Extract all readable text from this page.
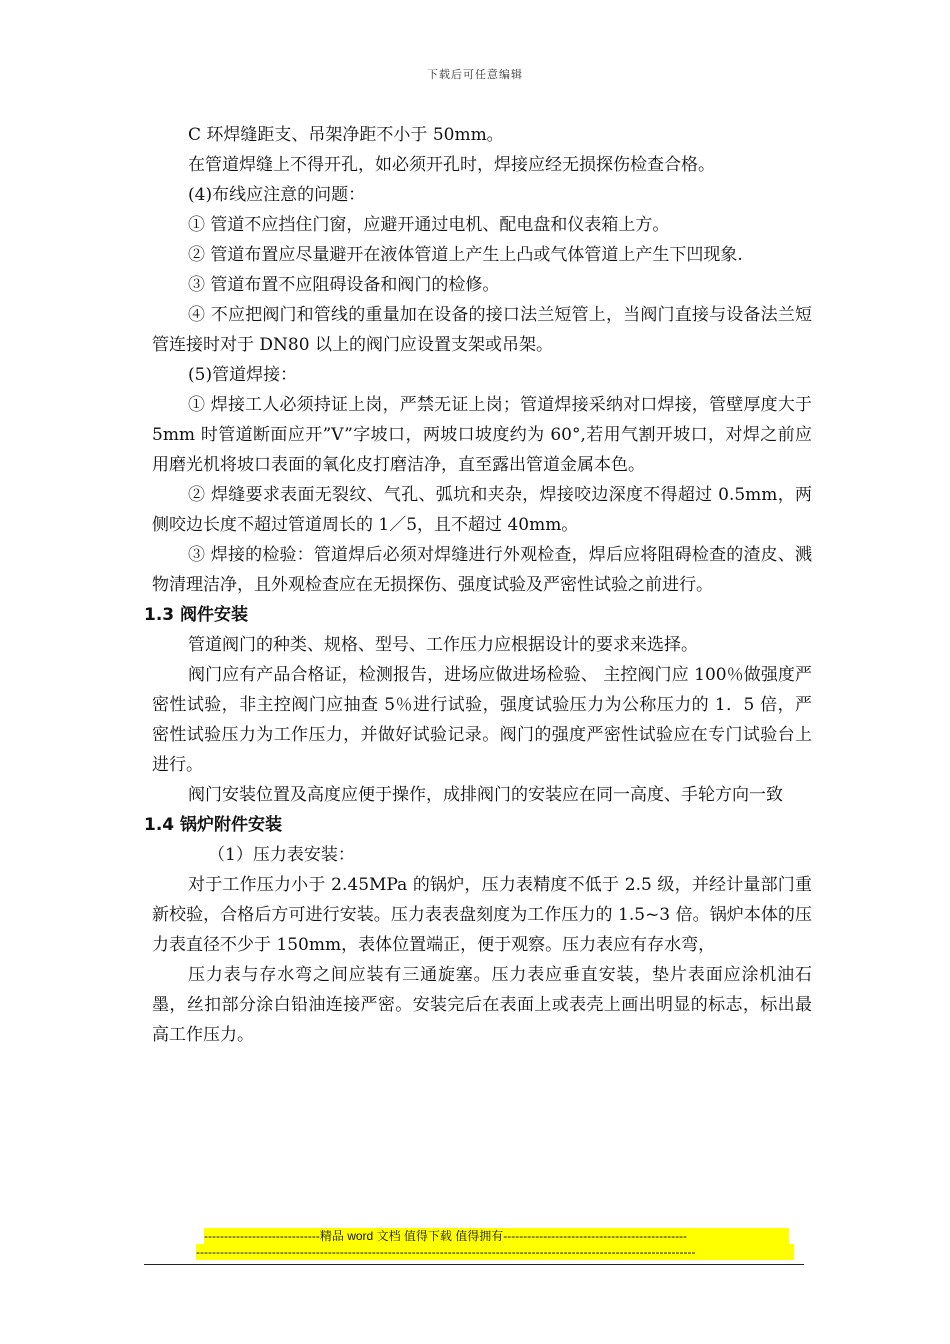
下载后可任意编辑

C 环焊缝距支、吊架净距不小于 50mm。

在管道焊缝上不得开孔，如必须开孔时，焊接应经无损探伤检查合格。

(4)布线应注意的问题：

① 管道不应挡住门窗，应避开通过电机、配电盘和仪表箱上方。

② 管道布置应尽量避开在液体管道上产生上凸或气体管道上产生下凹现象.

③ 管道布置不应阻碍设备和阀门的检修。

④ 不应把阀门和管线的重量加在设备的接口法兰短管上，当阀门直接与设备法兰短管连接时对于 DN80 以上的阀门应设置支架或吊架。

(5)管道焊接：

① 焊接工人必须持证上岗，严禁无证上岗；管道焊接采纳对口焊接，管壁厚度大于 5mm 时管道断面应开”V”字坡口，两坡口坡度约为 60°,若用气割开坡口，对焊之前应用磨光机将坡口表面的氧化皮打磨洁净，直至露出管道金属本色。

② 焊缝要求表面无裂纹、气孔、弧坑和夹杂，焊接咬边深度不得超过 0.5mm，两侧咬边长度不超过管道周长的 1／5，且不超过 40mm。

③ 焊接的检验：管道焊后必须对焊缝进行外观检查，焊后应将阻碍检查的渣皮、溅物清理洁净，且外观检查应在无损探伤、强度试验及严密性试验之前进行。

1.3 阀件安装

管道阀门的种类、规格、型号、工作压力应根据设计的要求来选择。

阀门应有产品合格证，检测报告，进场应做进场检验、 主控阀门应 100％做强度严密性试验，非主控阀门应抽查 5％进行试验，强度试验压力为公称压力的 1．5 倍，严密性试验压力为工作压力，并做好试验记录。阀门的强度严密性试验应在专门试验台上进行。

阀门安装位置及高度应便于操作，成排阀门的安装应在同一高度、手轮方向一致

1.4 锅炉附件安装

（1）压力表安装：

对于工作压力小于 2.45MPa 的锅炉，压力表精度不低于 2.5 级，并经计量部门重新校验，合格后方可进行安装。压力表表盘刻度为工作压力的 1.5~3 倍。锅炉本体的压力表直径不少于 150mm，表体位置端正，便于观察。压力表应有存水弯，

压力表与存水弯之间应装有三通旋塞。压力表应垂直安装，垫片表面应涂机油石墨，丝扣部分涂白铅油连接严密。安装完后在表面上或表壳上画出明显的标志，标出最高工作压力。

-----------------------------精品 word 文档 值得下载 值得拥有----------------------------------------------
-----------------------------------------------------------------------------------------------------------------------------
